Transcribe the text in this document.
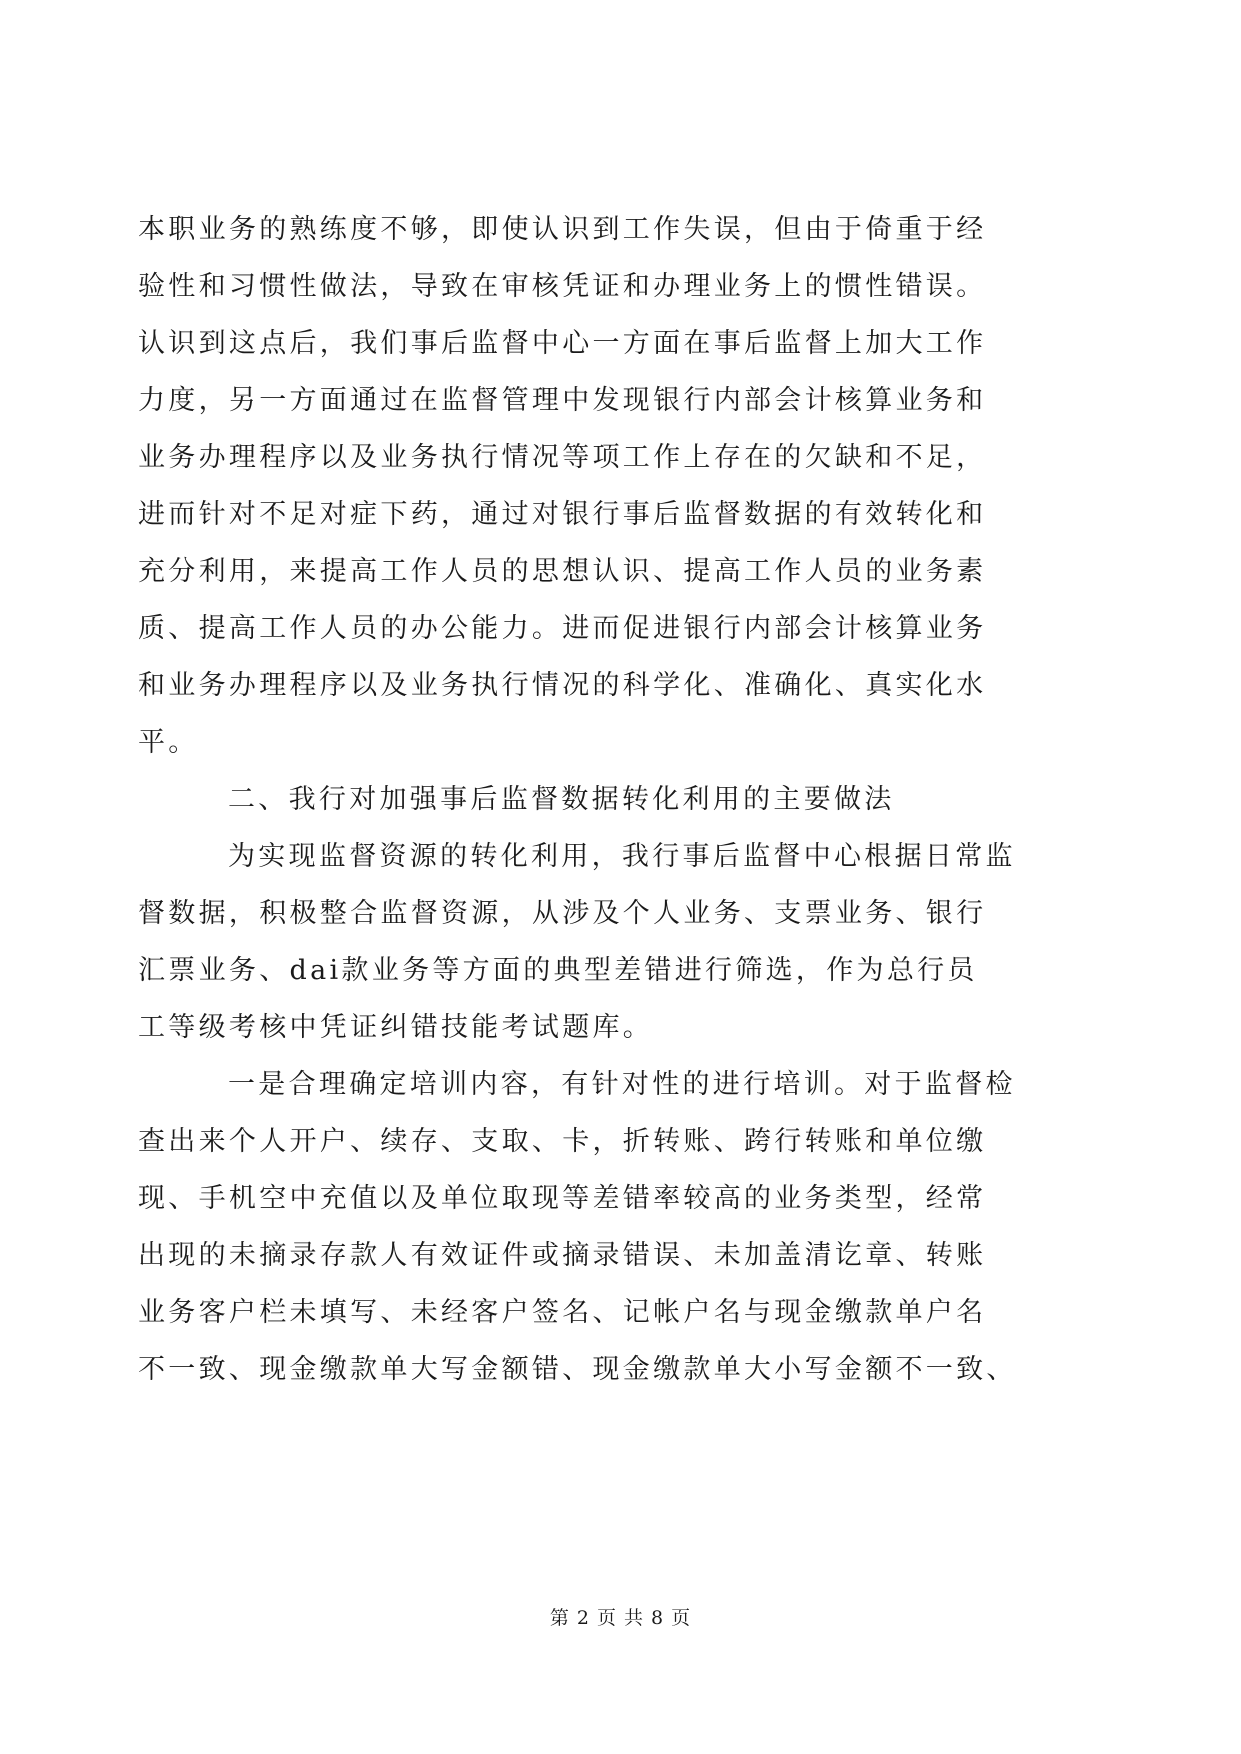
本职业务的熟练度不够，即使认识到工作失误，但由于倚重于经
验性和习惯性做法，导致在审核凭证和办理业务上的惯性错误。
认识到这点后，我们事后监督中心一方面在事后监督上加大工作
力度，另一方面通过在监督管理中发现银行内部会计核算业务和
业务办理程序以及业务执行情况等项工作上存在的欠缺和不足，
进而针对不足对症下药，通过对银行事后监督数据的有效转化和
充分利用，来提高工作人员的思想认识、提高工作人员的业务素
质、提高工作人员的办公能力。进而促进银行内部会计核算业务
和业务办理程序以及业务执行情况的科学化、准确化、真实化水
平。
二、我行对加强事后监督数据转化利用的主要做法
为实现监督资源的转化利用，我行事后监督中心根据日常监
督数据，积极整合监督资源，从涉及个人业务、支票业务、银行
汇票业务、dai款业务等方面的典型差错进行筛选，作为总行员
工等级考核中凭证纠错技能考试题库。
一是合理确定培训内容，有针对性的进行培训。对于监督检
查出来个人开户、续存、支取、卡，折转账、跨行转账和单位缴
现、手机空中充值以及单位取现等差错率较高的业务类型，经常
出现的未摘录存款人有效证件或摘录错误、未加盖清讫章、转账
业务客户栏未填写、未经客户签名、记帐户名与现金缴款单户名
不一致、现金缴款单大写金额错、现金缴款单大小写金额不一致、
第 2 页 共 8 页
